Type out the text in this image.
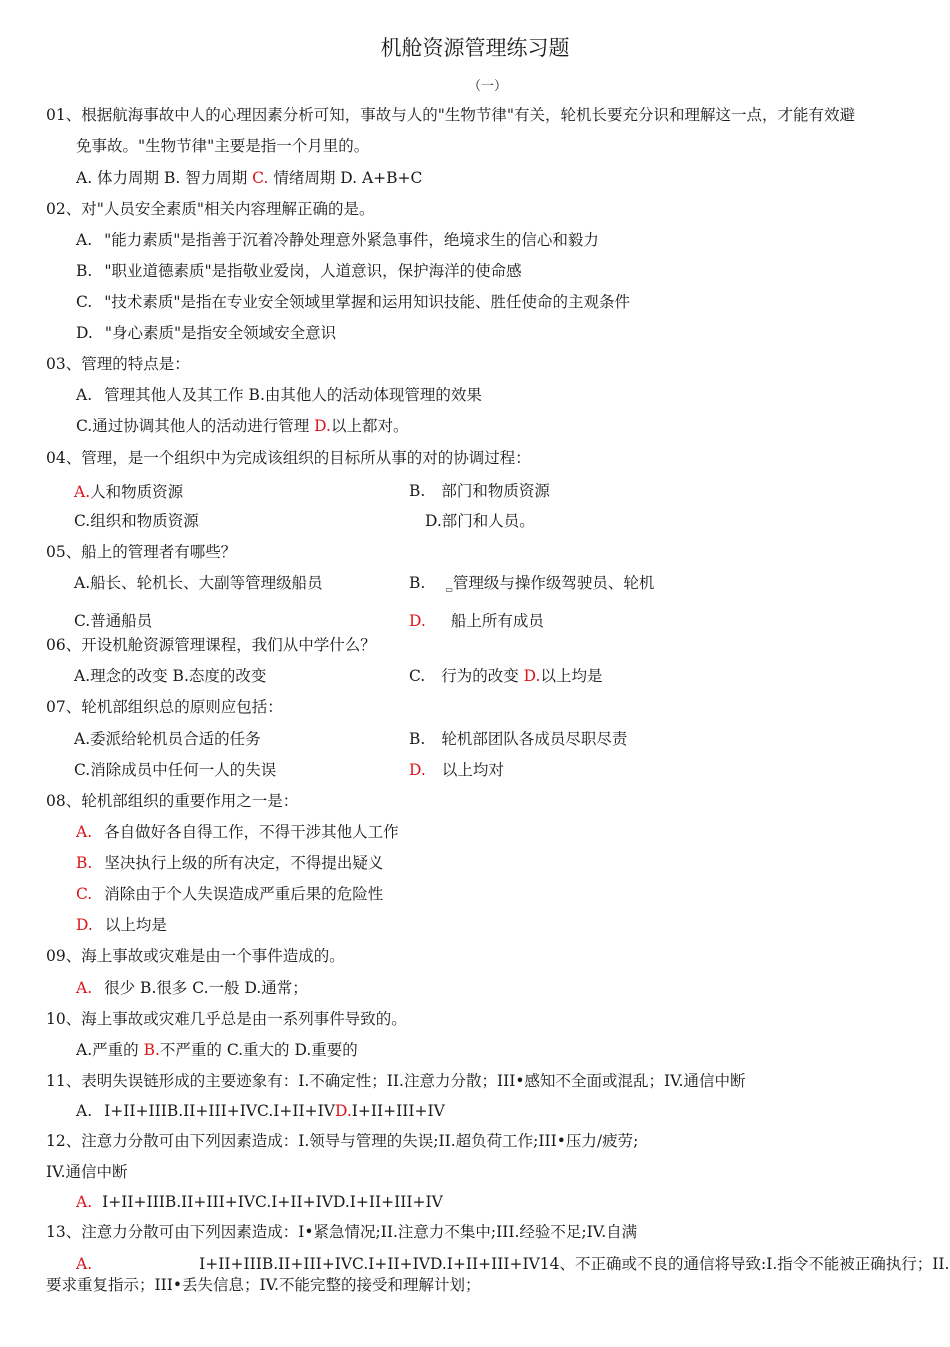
机舱资源管理练习题
（一）
01、根据航海事故中人的心理因素分析可知，事故与人的"生物节律"有关，轮机长要充分识和理解这一点，才能有效避
免事故。"生物节律"主要是指一个月里的。
A. 体力周期 B. 智力周期 C. 情绪周期 D. A+B+C
02、对"人员安全素质"相关内容理解正确的是。
A. "能力素质"是指善于沉着冷静处理意外紧急事件，绝境求生的信心和毅力
B. "职业道德素质"是指敬业爱岗，人道意识，保护海洋的使命感
C. "技术素质"是指在专业安全领域里掌握和运用知识技能、胜任使命的主观条件
D. "身心素质"是指安全领域安全意识
03、管理的特点是：
A. 管理其他人及其工作 B.由其他人的活动体现管理的效果
C.通过协调其他人的活动进行管理 D.以上都对。
04、管理，是一个组织中为完成该组织的目标所从事的对的协调过程：
A.人和物质资源	B. 部门和物质资源
C.组织和物质资源	D.部门和人员。
05、船上的管理者有哪些？
A.船长、轮机长、大副等管理级船员	B.	$_▭$管理级与操作级驾驶员、轮机
C.普通船员	D. 船上所有成员
06、开设机舱资源管理课程，我们从中学什么？
A.理念的改变 B.态度的改变	C. 行为的改变 D.以上均是
07、轮机部组织总的原则应包括：
A.委派给轮机员合适的任务	B. 轮机部团队各成员尽职尽责
C.消除成员中任何一人的失误	D. 以上均对
08、轮机部组织的重要作用之一是：
A. 各自做好各自得工作，不得干涉其他人工作
B. 坚决执行上级的所有决定，不得提出疑义
C. 消除由于个人失误造成严重后果的危险性
D. 以上均是
09、海上事故或灾难是由一个事件造成的。
A. 很少 B.很多 C.一般 D.通常；
10、海上事故或灾难几乎总是由一系列事件导致的。
A.严重的 B.不严重的 C.重大的 D.重要的
11、表明失误链形成的主要迹象有：I.不确定性；II.注意力分散；III•感知不全面或混乱；IV.通信中断
A. I+II+IIIB.II+III+IVC.I+II+IVD.I+II+III+IV
12、注意力分散可由下列因素造成：I.领导与管理的失误;II.超负荷工作;III•压力/疲劳;
IV.通信中断
A. I+II+IIIB.II+III+IVC.I+II+IVD.I+II+III+IV
13、注意力分散可由下列因素造成：I•紧急情况;II.注意力不集中;III.经验不足;IV.自满
A.	I+II+IIIB.II+III+IVC.I+II+IVD.I+II+III+IV14、不正确或不良的通信将导致:I.指令不能被正确执行；II.
要求重复指示；III•丢失信息；IV.不能完整的接受和理解计划；
